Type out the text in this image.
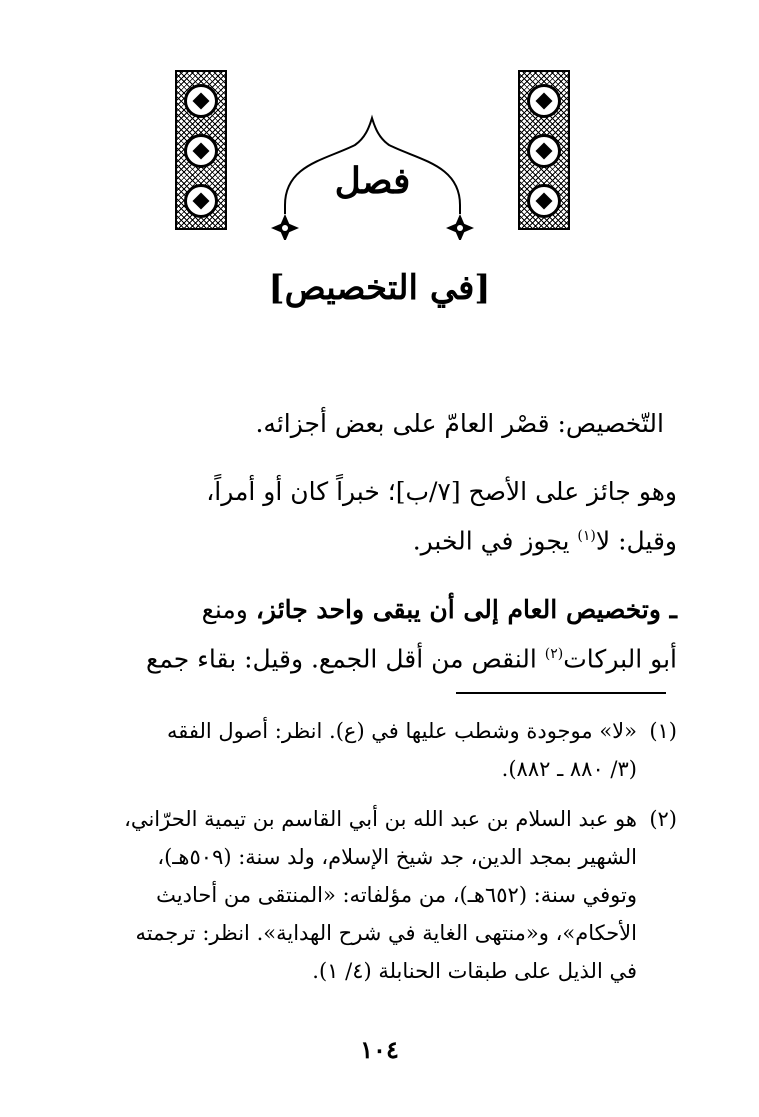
فصل
[في التخصيص]
التّخصيص: قصْر العامّ على بعض أجزائه.
وهو جائز على الأصح [٧/ب]؛ خبراً كان أو أمراً،
وقيل: لا$^{(١)}$ يجوز في الخبر.
ـ وتخصيص العام إلى أن يبقى واحد جائز، ومنع
أبو البركات$^{(٢)}$ النقص من أقل الجمع. وقيل: بقاء جمع
(١)«لا» موجودة وشطب عليها في (ع). انظر: أصول الفقه
(٣/ ٨٨٠ ـ ٨٨٢).
(٢)هو عبد السلام بن عبد الله بن أبي القاسم بن تيمية الحرّاني،
الشهير بمجد الدين، جد شيخ الإسلام، ولد سنة: (٥٠٩هـ)،
وتوفي سنة: (٦٥٢هـ)، من مؤلفاته: «المنتقى من أحاديث
الأحكام»، و«منتهى الغاية في شرح الهداية». انظر: ترجمته
في الذيل على طبقات الحنابلة (٤/ ١).
١٠٤
